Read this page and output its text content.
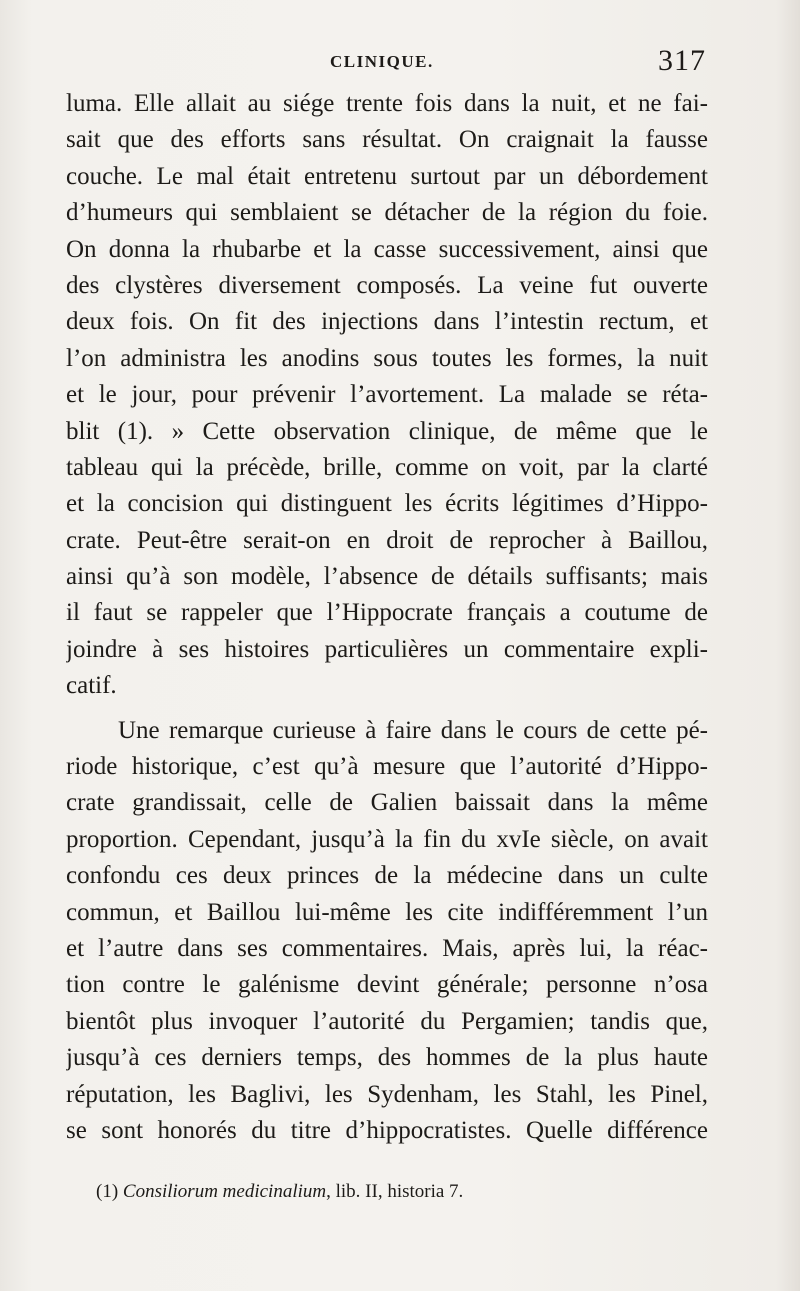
CLINIQUE.	317
luma. Elle allait au siége trente fois dans la nuit, et ne fai-
sait que des efforts sans résultat. On craignait la fausse
couche. Le mal était entretenu surtout par un débordement
d’humeurs qui semblaient se détacher de la région du foie.
On donna la rhubarbe et la casse successivement, ainsi que
des clystères diversement composés. La veine fut ouverte
deux fois. On fit des injections dans l’intestin rectum, et
l’on administra les anodins sous toutes les formes, la nuit
et le jour, pour prévenir l’avortement. La malade se réta-
blit (1). » Cette observation clinique, de même que le
tableau qui la précède, brille, comme on voit, par la clarté
et la concision qui distinguent les écrits légitimes d’Hippo-
crate. Peut-être serait-on en droit de reprocher à Baillou,
ainsi qu’à son modèle, l’absence de détails suffisants; mais
il faut se rappeler que l’Hippocrate français a coutume de
joindre à ses histoires particulières un commentaire expli-
catif.
Une remarque curieuse à faire dans le cours de cette pé-
riode historique, c’est qu’à mesure que l’autorité d’Hippo-
crate grandissait, celle de Galien baissait dans la même
proportion. Cependant, jusqu’à la fin du xvIe siècle, on avait
confondu ces deux princes de la médecine dans un culte
commun, et Baillou lui-même les cite indifféremment l’un
et l’autre dans ses commentaires. Mais, après lui, la réac-
tion contre le galénisme devint générale; personne n’osa
bientôt plus invoquer l’autorité du Pergamien; tandis que,
jusqu’à ces derniers temps, des hommes de la plus haute
réputation, les Baglivi, les Sydenham, les Stahl, les Pinel,
se sont honorés du titre d’hippocratistes. Quelle différence
(1) Consiliorum medicinalium, lib. II, historia 7.
